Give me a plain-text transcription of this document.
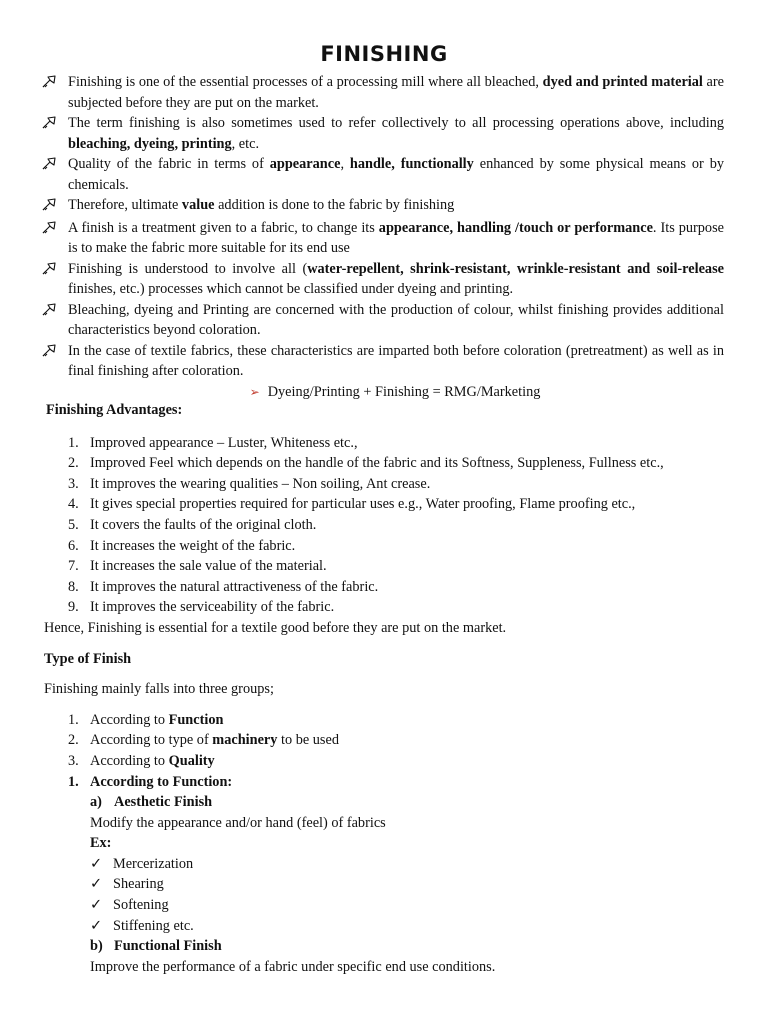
FINISHING
Finishing is one of the essential processes of a processing mill where all bleached, dyed and printed material are subjected before they are put on the market.
The term finishing is also sometimes used to refer collectively to all processing operations above, including bleaching, dyeing, printing, etc.
Quality of the fabric in terms of appearance, handle, functionally enhanced by some physical means or by chemicals.
Therefore, ultimate value addition is done to the fabric by finishing
A finish is a treatment given to a fabric, to change its appearance, handling /touch or performance. Its purpose is to make the fabric more suitable for its end use
Finishing is understood to involve all (water-repellent, shrink-resistant, wrinkle-resistant and soil-release finishes, etc.) processes which cannot be classified under dyeing and printing.
Bleaching, dyeing and Printing are concerned with the production of colour, whilst finishing provides additional characteristics beyond coloration.
In the case of textile fabrics, these characteristics are imparted both before coloration (pretreatment) as well as in final finishing after coloration.
➢ Dyeing/Printing + Finishing = RMG/Marketing
Finishing Advantages:
1. Improved appearance – Luster, Whiteness etc.,
2. Improved Feel which depends on the handle of the fabric and its Softness, Suppleness, Fullness etc.,
3. It improves the wearing qualities – Non soiling, Ant crease.
4. It gives special properties required for particular uses e.g., Water proofing, Flame proofing etc.,
5. It covers the faults of the original cloth.
6. It increases the weight of the fabric.
7. It increases the sale value of the material.
8. It improves the natural attractiveness of the fabric.
9. It improves the serviceability of the fabric.
Hence, Finishing is essential for a textile good before they are put on the market.
Type of Finish
Finishing mainly falls into three groups;
1. According to Function
2. According to type of machinery to be used
3. According to Quality
1. According to Function:
a) Aesthetic Finish
Modify the appearance and/or hand (feel) of fabrics
Ex:
✓ Mercerization
✓ Shearing
✓ Softening
✓ Stiffening etc.
b) Functional Finish
Improve the performance of a fabric under specific end use conditions.
